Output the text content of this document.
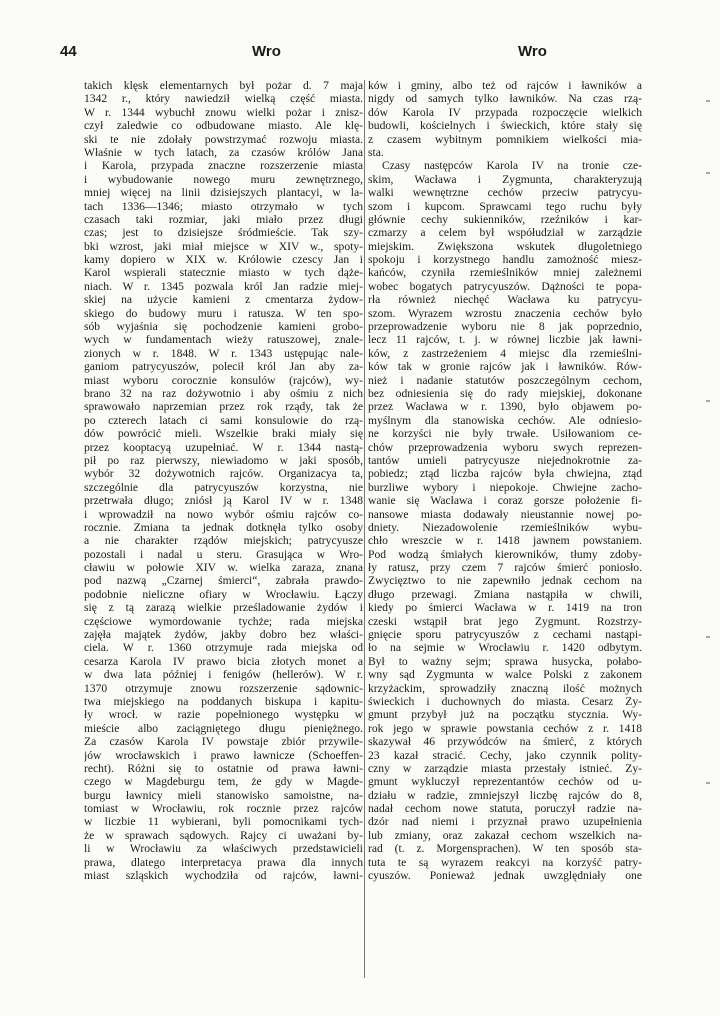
44	Wro	Wro
takich klęsk elementarnych był pożar d. 7 maja
1342 r., który nawiedził wielką część miasta.
W r. 1344 wybuchł znowu wielki pożar i znisz-
czył zaledwie co odbudowane miasto. Ale klę-
ski te nie zdołały powstrzymać rozwoju miasta.
Właśnie w tych latach, za czasów królów Jana
i Karola, przypada znaczne rozszerzenie miasta
i wybudowanie nowego muru zewnętrznego,
mniej więcej na linii dzisiejszych plantacyi, w la-
tach 1336—1346; miasto otrzymało w tych
czasach taki rozmiar, jaki miało przez długi
czas; jest to dzisiejsze śródmieście. Tak szy-
bki wzrost, jaki miał miejsce w XIV w., spoty-
kamy dopiero w XIX w. Królowie czescy Jan i
Karol wspierali statecznie miasto w tych dąże-
niach. W r. 1345 pozwala król Jan radzie miej-
skiej na użycie kamieni z cmentarza żydow-
skiego do budowy muru i ratusza. W ten spo-
sób wyjaśnia się pochodzenie kamieni grobo-
wych w fundamentach wieży ratuszowej, znale-
zionych w r. 1848. W r. 1343 ustępując nale-
ganiom patrycyuszów, polecił król Jan aby za-
miast wyboru corocznie konsulów (rajców), wy-
brano 32 na raz dożywotnio i aby ośmiu z nich
sprawowało naprzemian przez rok rządy, tak że
po czterech latach ci sami konsulowie do rzą-
dów powrócić mieli. Wszelkie braki miały się
przez kooptacyą uzupełniać. W r. 1344 nastą-
pił po raz pierwszy, niewiadomo w jaki sposób,
wybór 32 dożywotnich rajców. Organizacya ta,
szczególnie dla patrycyuszów korzystna, nie
przetrwała długo; zniósł ją Karol IV w r. 1348
i wprowadził na nowo wybór ośmiu rajców co-
rocznie. Zmiana ta jednak dotknęła tylko osoby
a nie charakter rządów miejskich; patrycyusze
pozostali i nadal u steru. Grasująca w Wro-
cławiu w połowie XIV w. wielka zaraza, znana
pod nazwą „Czarnej śmierci“, zabrała prawdo-
podobnie nieliczne ofiary w Wrocławiu. Łączy
się z tą zarazą wielkie prześladowanie żydów i
częściowe wymordowanie tychże; rada miejska
zajęła majątek żydów, jakby dobro bez właści-
ciela. W r. 1360 otrzymuje rada miejska od
cesarza Karola IV prawo bicia złotych monet a
w dwa lata później i fenigów (hellerów). W r.
1370 otrzymuje znowu rozszerzenie sądownic-
twa miejskiego na poddanych biskupa i kapitu-
ły wrocł. w razie popełnionego występku w
mieście albo zaciągniętego długu pieniężnego.
Za czasów Karola IV powstaje zbiór przywile-
jów wrocławskich i prawo ławnicze (Schoeffen-
recht). Różni się to ostatnie od prawa ławni-
czego w Magdeburgu tem, że gdy w Magde-
burgu ławnicy mieli stanowisko samoistne, na-
tomiast w Wrocławiu, rok rocznie przez rajców
w liczbie 11 wybierani, byli pomocnikami tych-
że w sprawach sądowych. Rajcy ci uważani by-
li w Wrocławiu za właściwych przedstawicieli
prawa, dlatego interpretacya prawa dla innych
miast szląskich wychodziła od rajców, ławni-
ków i gminy, albo też od rajców i ławników a
nigdy od samych tylko ławników. Na czas rzą-
dów Karola IV przypada rozpoczęcie wielkich
budowli, kościelnych i świeckich, które stały się
z czasem wybitnym pomnikiem wielkości mia-
sta.
Czasy następców Karola IV na tronie cze-
skim, Wacława i Zygmunta, charakteryzują
walki wewnętrzne cechów przeciw patrycyu-
szom i kupcom. Sprawcami tego ruchu były
głównie cechy sukienników, rzeźników i kar-
czmarzy a celem był współudział w zarządzie
miejskim. Zwiększona wskutek długoletniego
spokoju i korzystnego handlu zamożność miesz-
kańców, czyniła rzemieślników mniej zależnemi
wobec bogatych patrycyuszów. Dążności te popa-
rła również niechęć Wacława ku patrycyu-
szom. Wyrazem wzrostu znaczenia cechów było
przeprowadzenie wyboru nie 8 jak poprzednio,
lecz 11 rajców, t. j. w równej liczbie jak ławni-
ków, z zastrzeżeniem 4 miejsc dla rzemieślni-
ków tak w gronie rajców jak i ławników. Rów-
nież i nadanie statutów poszczególnym cechom,
bez odniesienia się do rady miejskiej, dokonane
przez Wacława w r. 1390, było objawem po-
myślnym dla stanowiska cechów. Ale odniesio-
ne korzyści nie były trwałe. Usiłowaniom ce-
chów przeprowadzenia wyboru swych reprezen-
tantów umieli patrycyusze niejednokrotnie za-
pobiedz; ztąd liczba rajców była chwiejna, ztąd
burzliwe wybory i niepokoje. Chwiejne zacho-
wanie się Wacława i coraz gorsze położenie fi-
nansowe miasta dodawały nieustannie nowej po-
dniety. Niezadowolenie rzemieślników wybu-
chło wreszcie w r. 1418 jawnem powstaniem.
Pod wodzą śmiałych kierowników, tłumy zdoby-
ły ratusz, przy czem 7 rajców śmierć poniosło.
Zwycięztwo to nie zapewniło jednak cechom na
długo przewagi. Zmiana nastąpiła w chwili,
kiedy po śmierci Wacława w r. 1419 na tron
czeski wstąpił brat jego Zygmunt. Rozstrzy-
gnięcie sporu patrycyuszów z cechami nastąpi-
ło na sejmie w Wrocławiu r. 1420 odbytym.
Był to ważny sejm; sprawa husycka, połabo-
wny sąd Zygmunta w walce Polski z zakonem
krzyżackim, sprowadziły znaczną ilość możnych
świeckich i duchownych do miasta. Cesarz Zy-
gmunt przybył już na początku stycznia. Wy-
rok jego w sprawie powstania cechów z r. 1418
skazywał 46 przywódców na śmierć, z których
23 kazał stracić. Cechy, jako czynnik polity-
czny w zarządzie miasta przestały istnieć. Zy-
gmunt wykluczył reprezentantów cechów od u-
działu w radzie, zmniejszył liczbę rajców do 8,
nadał cechom nowe statuta, poruczył radzie na-
dzór nad niemi i przyznał prawo uzupełnienia
lub zmiany, oraz zakazał cechom wszelkich na-
rad (t. z. Morgensprachen). W ten sposób sta-
tuta te są wyrazem reakcyi na korzyść patry-
cyuszów. Ponieważ jednak uwzględniały one
